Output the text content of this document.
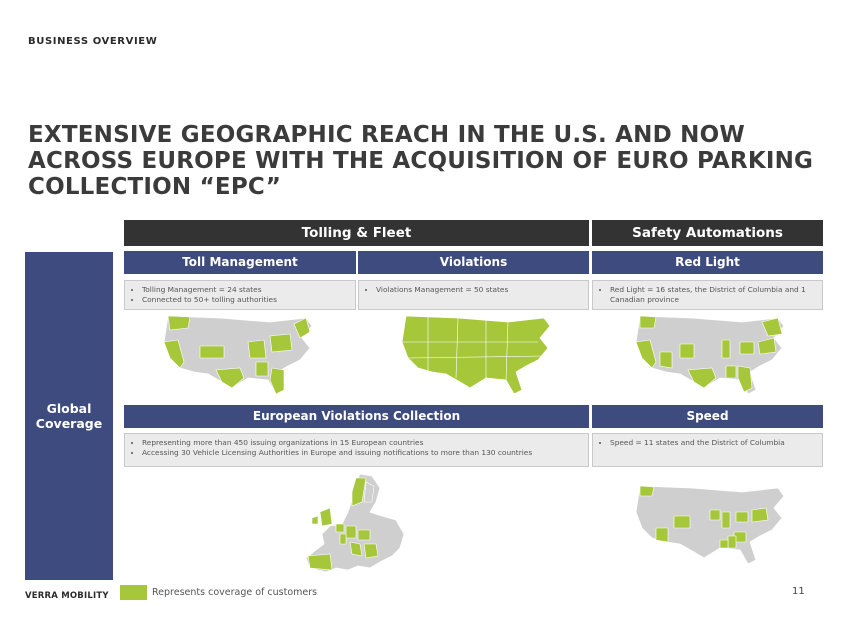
BUSINESS OVERVIEW
EXTENSIVE GEOGRAPHIC REACH IN THE U.S. AND NOW ACROSS EUROPE WITH THE ACQUISITION OF EURO PARKING COLLECTION “EPC”
Tolling & Fleet	Safety Automations
Global
Coverage
Toll Management	Violations	Red Light
• Tolling Management = 24 states
• Connected to 50+ tolling authorities
• Violations Management = 50 states
•	Red Light = 16 states, the District of Columbia and 1 Canadian province
European Violations Collection	Speed
• Representing more than 450 issuing organizations in 15 European countries
• Accessing 30 Vehicle Licensing Authorities in Europe and issuing notifications to more than 130 countries
• Speed = 11 states and the District of Columbia
VERRA MOBILITY	Represents coverage of customers	11
